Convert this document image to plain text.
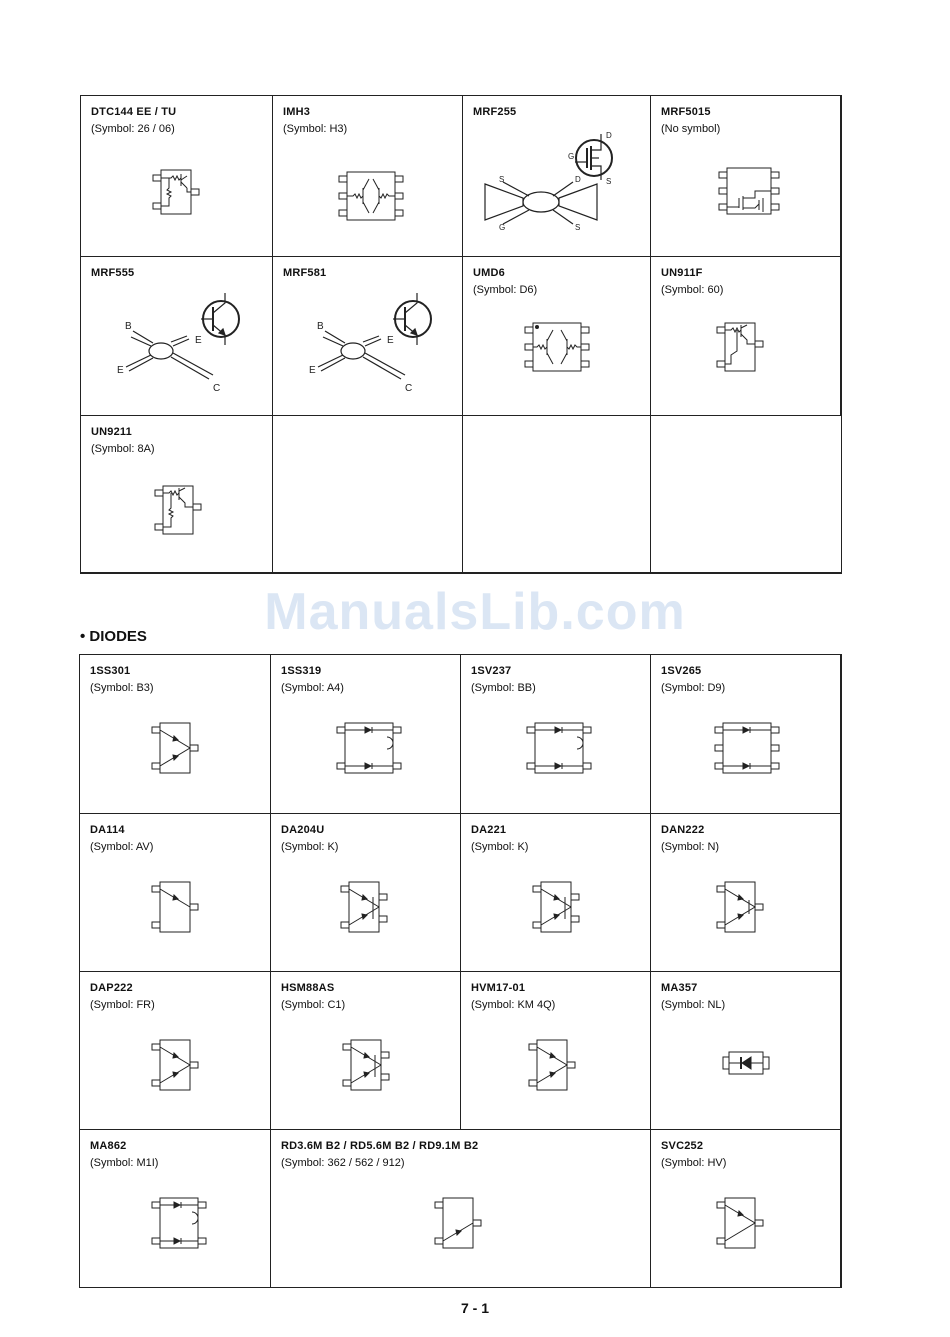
DTC144 EE / TU
(Symbol: 26 / 06)
IMH3
(Symbol: H3)
MRF255
D
G
S
S	D
G	S
MRF5015
(No symbol)
MRF555
B
E
E
C
MRF581
B
E
E
C
UMD6
(Symbol: D6)
UN911F
(Symbol: 60)
UN9211
(Symbol: 8A)
ManualsLib.com
• DIODES
1SS301
(Symbol: B3)
1SS319
(Symbol: A4)
1SV237
(Symbol: BB)
1SV265
(Symbol: D9)
DA114
(Symbol: AV)
DA204U
(Symbol: K)
DA221
(Symbol: K)
DAN222
(Symbol: N)
DAP222
(Symbol: FR)
HSM88AS
(Symbol: C1)
HVM17-01
(Symbol: KM 4Q)
MA357
(Symbol: NL)
MA862
(Symbol: M1I)
RD3.6M B2 / RD5.6M B2 / RD9.1M B2
(Symbol: 362 / 562 / 912)
SVC252
(Symbol: HV)
7 - 1
